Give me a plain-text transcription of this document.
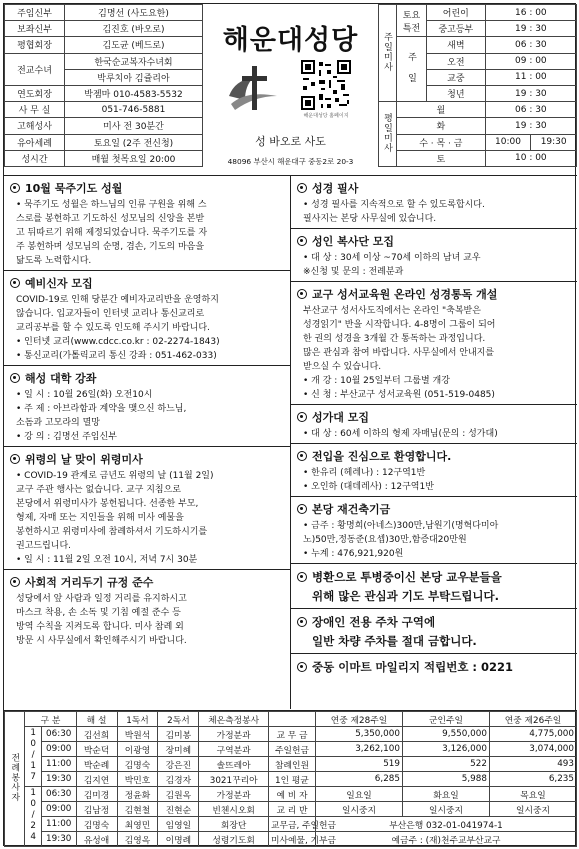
주임신부	김명선 (사도요한)
보좌신부	김진호 (바오로)
평협회장	김도균 (베드로)
전교수녀	한국순교복자수녀회
	박루치아 김쥴리아
연도회장	박젬마 010-4583-5532
사 무 실	051-746-5881
고해성사	미사 전 30분간
유아세례	토요일 (2주 전신청)
성시간	매월 첫목요일 20:00
해운대성당
해운대성당 홈페이지
성 바오로 사도
48096 부산시 해운대구 중동2로 20-3
주일미사	토요
특전	어린이	16 : 00	
		중고등부	19 : 30	
	주 일	새벽	06 : 30	
		오전	09 : 00	
		교중	11 : 00	
		청년	19 : 30	
평일미사	월		06 : 30	
	화		19 : 30	
	수 · 목 · 금		10:00	19:30
	토		10 : 00	
10월 묵주기도 성월
• 묵주기도 성월은 하느님의 인류 구원을 위해 스
스로를 봉헌하고 기도하신 성모님의 신앙을 본받
고 뒤따르기 위해 제정되었습니다. 묵주기도를 자
주 봉헌하며 성모님의 순명, 겸손, 기도의 마음을
닮도록 노력합시다.
예비신자 모집
COVID-19로 인해 당분간 예비자교리반을 운영하지
않습니다. 입교자들이 인터넷 교리나 통신교리로
교리공부를 할 수 있도록 인도해 주시기 바랍니다.
• 인터넷 교리(www.cdcc.co.kr : 02-2274-1843)
• 통신교리(가톨릭교리 통신 강좌 : 051-462-033)
해성 대학 강좌
• 일 시 : 10월 26일(화) 오전10시
• 주 제 : 아브라함과 계약을 맺으신 하느님,
소돔과 고모라의 멸망
• 강 의 : 김명선 주임신부
위령의 날 맞이 위령미사
• COVID-19 관계로 금년도 위령의 날 (11월 2일)
교구 주관 행사는 없습니다. 교구 지침으로
본당에서 위령미사가 봉헌됩니다. 선종한 부모,
형제, 자매 또는 지인들을 위해 미사 예물을
봉헌하시고 위령미사에 참례하셔서 기도하시기를
권고드립니다.
• 일 시 : 11월 2일 오전 10시, 저녁 7시 30분
사회적 거리두기 규정 준수
성당에서 앞 사람과 일정 거리를 유지하시고
마스크 착용, 손 소독 및 기침 예절 준수 등
방역 수칙을 지켜도록 합니다. 미사 참례 외
방문 시 사무실에서 확인해주시기 바랍니다.
성경 필사
• 성경 필사를 지속적으로 할 수 있도록합시다.
필사지는 본당 사무실에 있습니다.
성인 복사단 모집
• 대 상 : 30세 이상 ~70세 이하의 남녀 교우
※신청 및 문의 : 전례분과
교구 성서교육원 온라인 성경통독 개설
부산교구 성서사도직에서는 온라인 "축복받은
성경읽기" 반을 시작합니다. 4-8명이 그룹이 되어
한 권의 성경을 3개월 간 통독하는 과정입니다.
많은 관심과 참여 바랍니다. 사무실에서 안내지를
받으실 수 있습니다.
• 개 강 : 10월 25일부터 그룹별 개강
• 신 청 : 부산교구 성서교육원 (051-519-0485)
성가대 모집
• 대 상 : 60세 이하의 형제 자매님(문의 : 성가대)
전입을 진심으로 환영합니다.
• 한유리 (헤레나) : 12구역1반
• 오인하 (대데레사) : 12구역1반
본당 재건축기금
• 금주 : 황명희(아네스)300만,남원기(명혁다미아
노)50만,정동준(요셉)30만,함증대20만원
• 누계 : 476,921,920원
병환으로 투병중이신 본당 교우분들을
위해 많은 관심과 기도 부탁드립니다.
장애인 전용 주차 구역에
일반 차량 주차를 절대 금합니다.
중동 이마트 마일리지 적립번호 : 0221
전례봉사자	구 분		해 설	1독서	2독서	체온측정봉사		연중 제28주일	군인주일	연중 제26주일
	10/17	06:30	김선희	박원석	김미봉	가정분과	교 무 금	5,350,000	9,550,000	4,775,000
		09:00	박순덕	이광영	장미혜	구역분과	주일헌금	3,262,100	3,126,000	3,074,000
		11:00	박순례	김명숙	강은진	솔뜨레아	참례인원	519	522	493
		19:30	김지연	박민호	김경자	3021꾸리아	1인 평균	6,285	5,988	6,235
	10/24	06:30	김미경	정윤화	김원옥	가정분과	예 비 자	일요일	화요일	목요일
		09:00	김남정	김현철	진현순	빈첸시오회	교 리 반	일시중지	일시중지	일시중지
		11:00	김명숙	최영민	임영일	회장단	교무금, 주일헌금	부산은행 032-01-041974-1		
		19:30	유성애	김영옥	이명례	성령기도회	미사예물, 기부금	예금주 : (재)천주교부산교구		
